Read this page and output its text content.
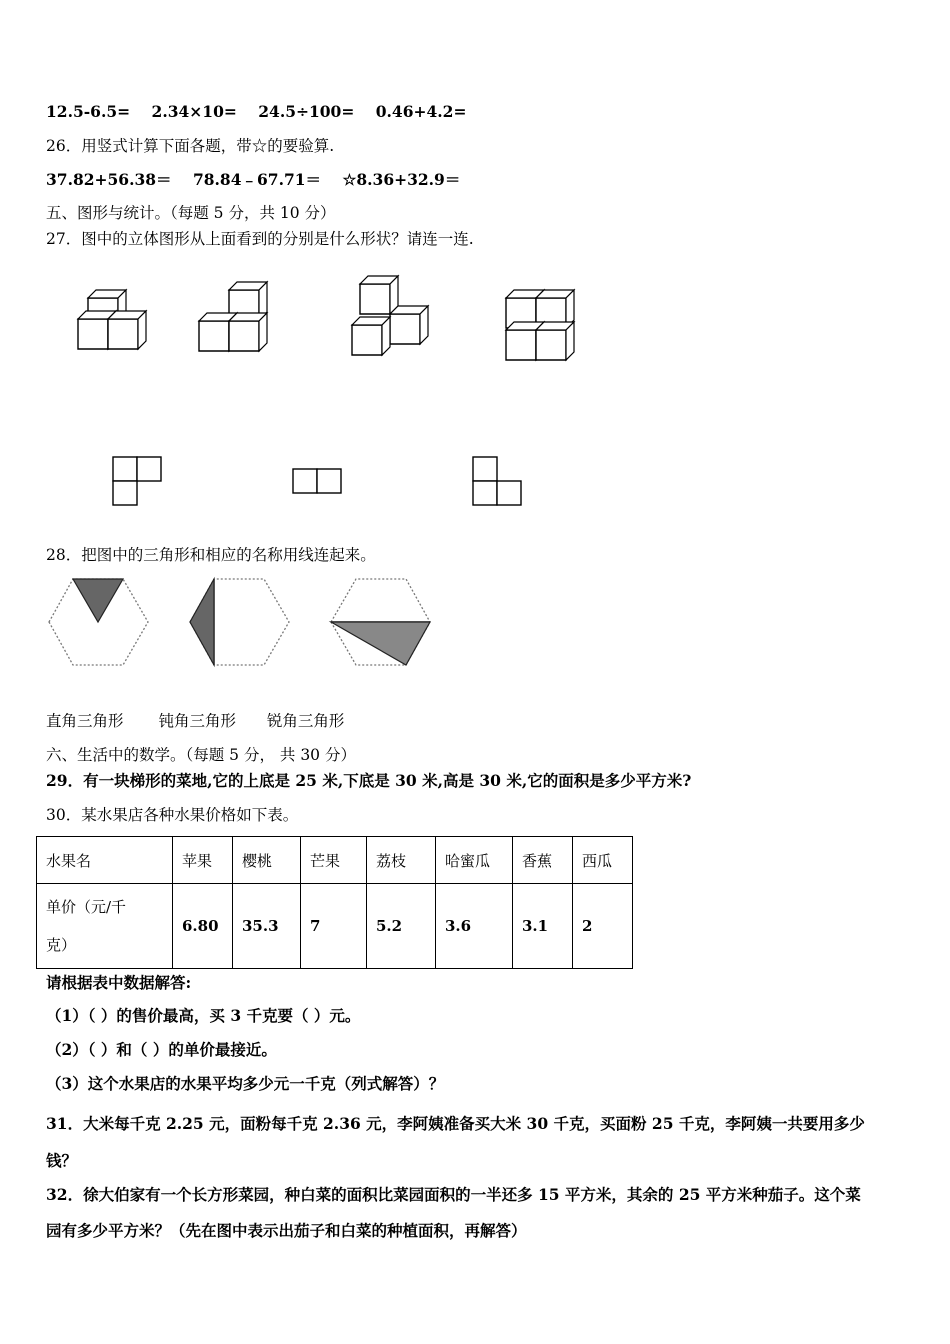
12.5-6.5= 2.34×10= 24.5÷100= 0.46+4.2=
26．用竖式计算下面各题，带☆的要验算.
37.82+56.38＝ 78.84﹣67.71＝ ☆8.36+32.9＝
五、图形与统计。（每题 5 分，共 10 分）
27．图中的立体图形从上面看到的分别是什么形状？请连一连.
28．把图中的三角形和相应的名称用线连起来。
直角三角形 钝角三角形 锐角三角形
六、生活中的数学。（每题 5 分， 共 30 分）
29．有一块梯形的菜地,它的上底是 25 米,下底是 30 米,高是 30 米,它的面积是多少平方米?
30．某水果店各种水果价格如下表。
水果名	苹果	樱桃	芒果	荔枝	哈蜜瓜	香蕉	西瓜

单价（元/千
克）	6.80	35.3	7	5.2	3.6	3.1	2
请根据表中数据解答:
（1）（ ）的售价最高，买 3 千克要（ ）元。
（2）（ ）和（ ）的单价最接近。
（3）这个水果店的水果平均多少元一千克（列式解答）？
31．大米每千克 2.25 元，面粉每千克 2.36 元，李阿姨准备买大米 30 千克，买面粉 25 千克，李阿姨一共要用多少
钱？
32．徐大伯家有一个长方形菜园，种白菜的面积比菜园面积的一半还多 15 平方米，其余的 25 平方米种茄子。这个菜
园有多少平方米？（先在图中表示出茄子和白菜的种植面积，再解答）
